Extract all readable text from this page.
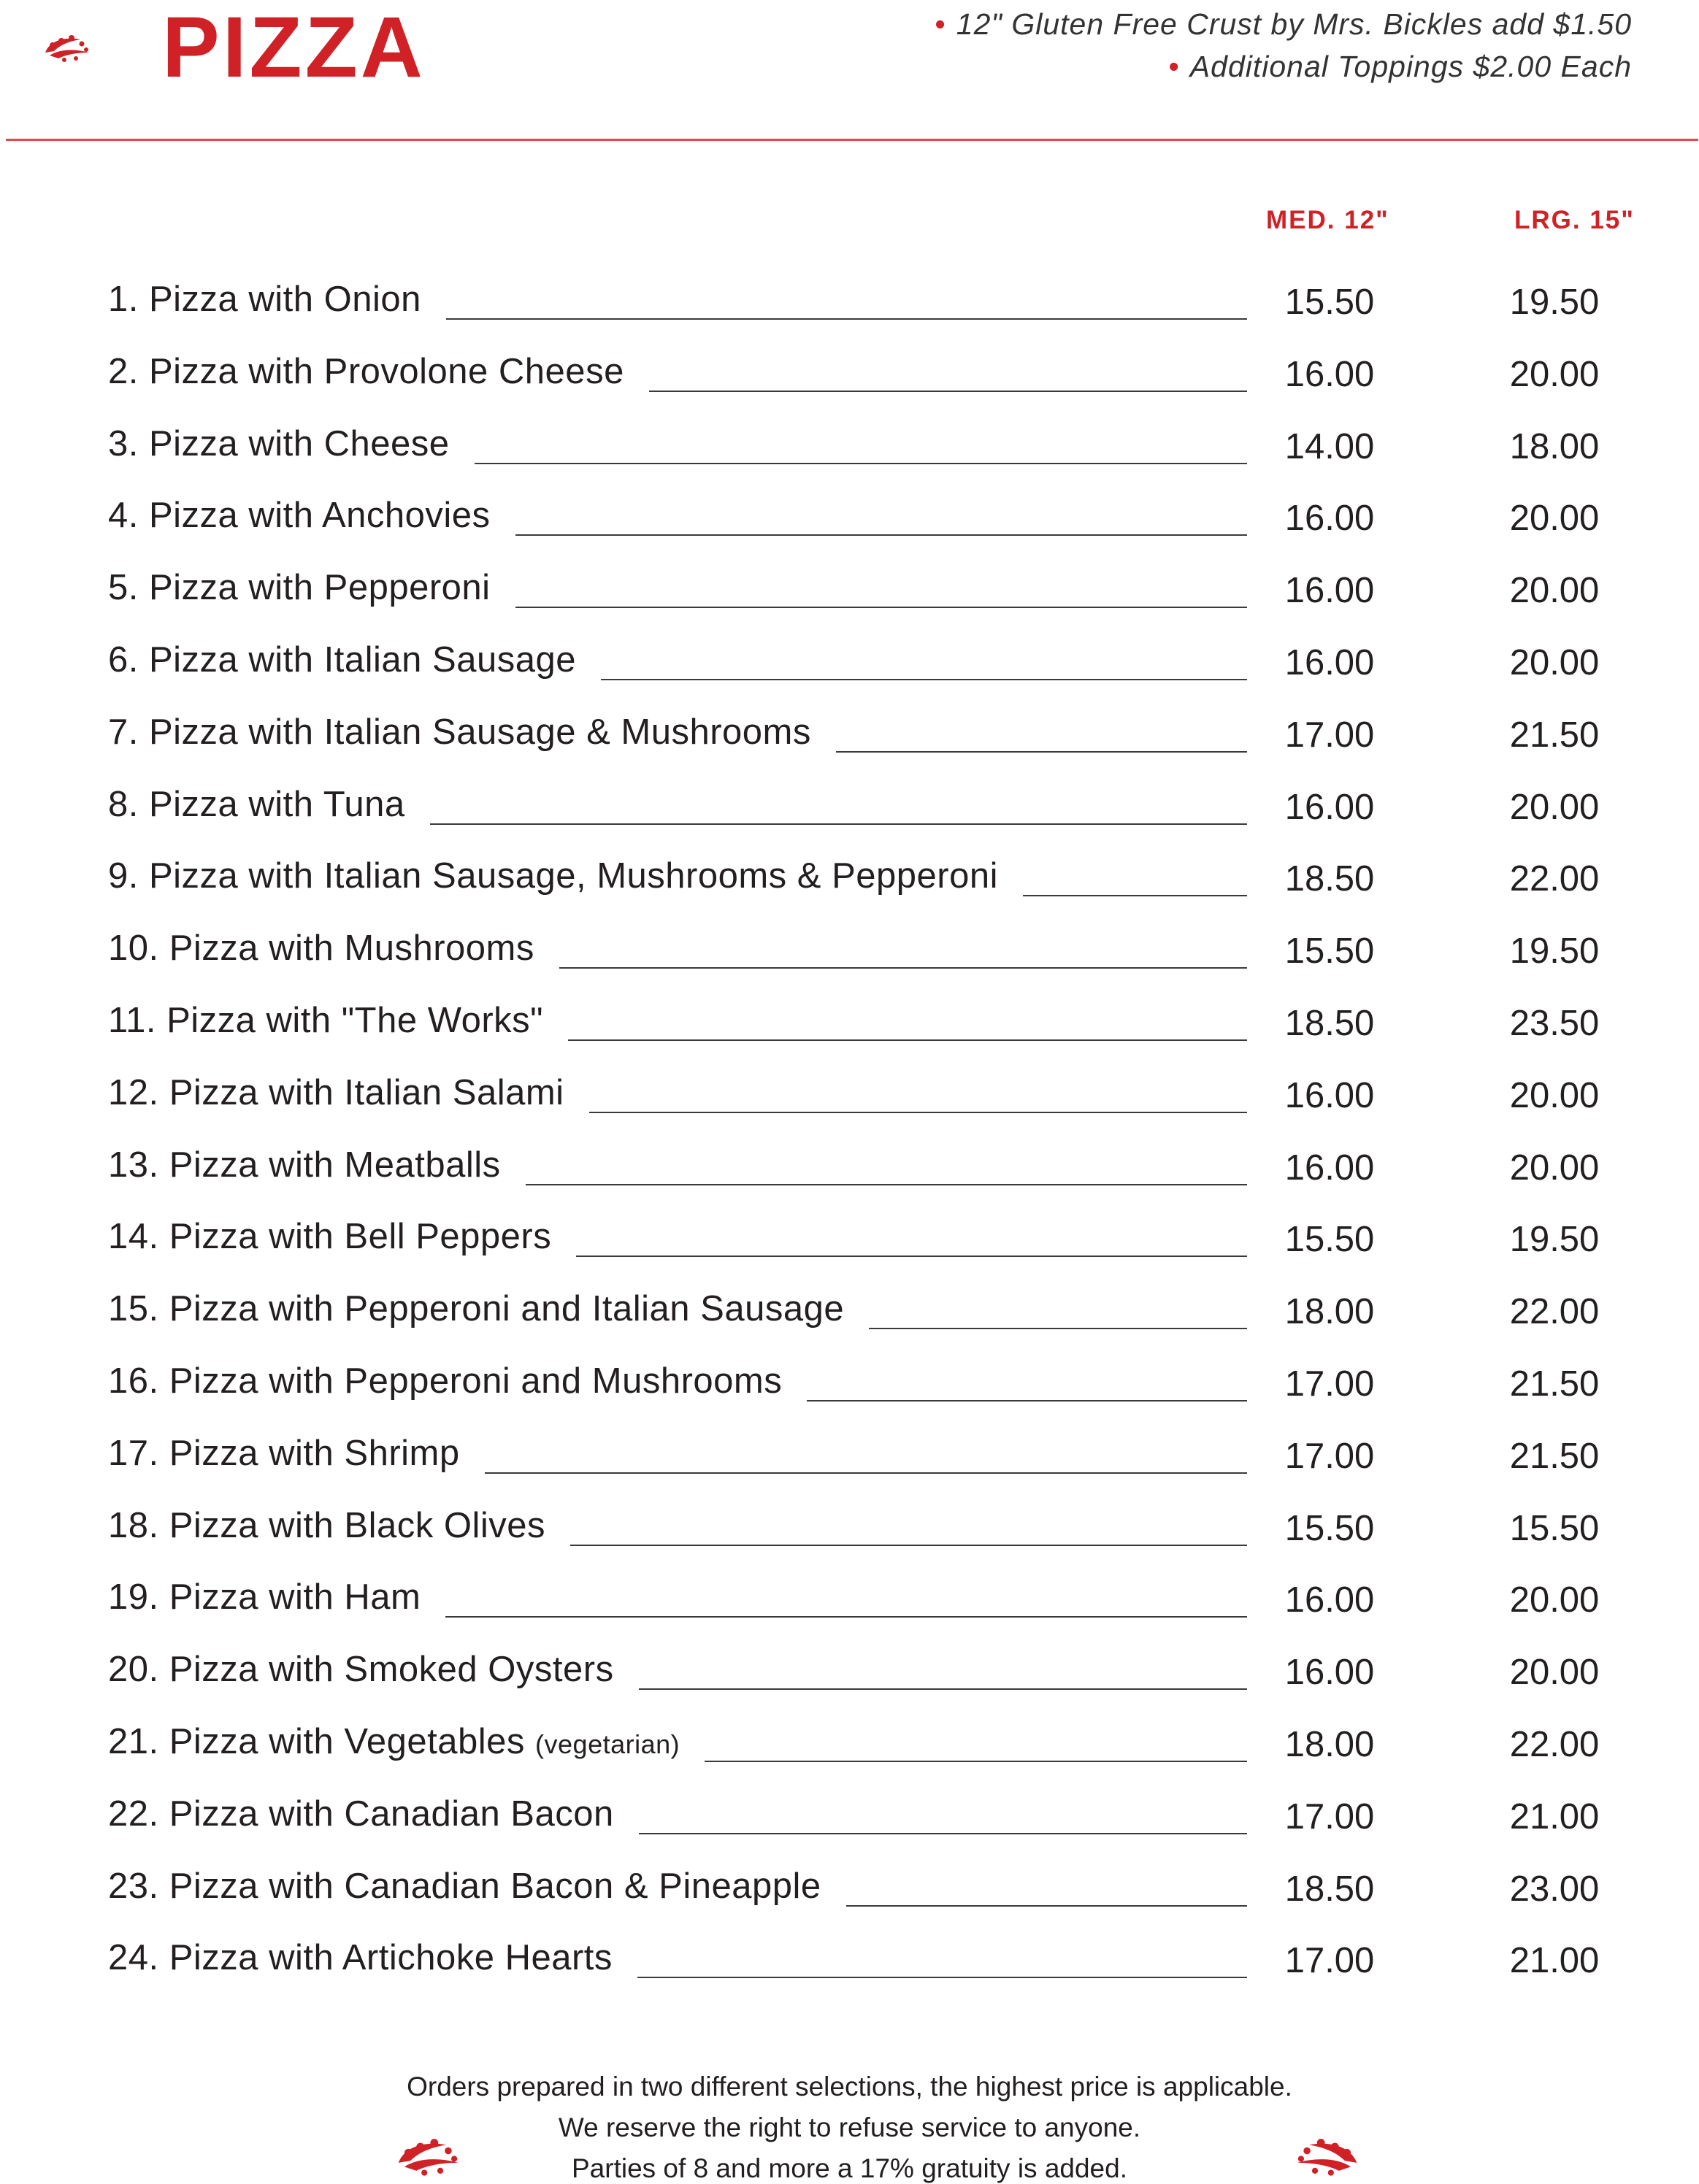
PIZZA	• 12" Gluten Free Crust by Mrs. Bickles add $1.50
• Additional Toppings $2.00 Each
MED. 12"	LRG. 15"
1. Pizza with Onion	15.50	19.50
2. Pizza with Provolone Cheese	16.00	20.00
3. Pizza with Cheese	14.00	18.00
4. Pizza with Anchovies	16.00	20.00
5. Pizza with Pepperoni	16.00	20.00
6. Pizza with Italian Sausage	16.00	20.00
7. Pizza with Italian Sausage & Mushrooms	17.00	21.50
8. Pizza with Tuna	16.00	20.00
9. Pizza with Italian Sausage, Mushrooms & Pepperoni	18.50	22.00
10. Pizza with Mushrooms	15.50	19.50
11. Pizza with "The Works"	18.50	23.50
12. Pizza with Italian Salami	16.00	20.00
13. Pizza with Meatballs	16.00	20.00
14. Pizza with Bell Peppers	15.50	19.50
15. Pizza with Pepperoni and Italian Sausage	18.00	22.00
16. Pizza with Pepperoni and Mushrooms	17.00	21.50
17. Pizza with Shrimp	17.00	21.50
18. Pizza with Black Olives	15.50	15.50
19. Pizza with Ham	16.00	20.00
20. Pizza with Smoked Oysters	16.00	20.00
21. Pizza with Vegetables (vegetarian)	18.00	22.00
22. Pizza with Canadian Bacon	17.00	21.00
23. Pizza with Canadian Bacon & Pineapple	18.50	23.00
24. Pizza with Artichoke Hearts	17.00	21.00
Orders prepared in two different selections, the highest price is applicable.
We reserve the right to refuse service to anyone.
Parties of 8 and more a 17% gratuity is added.
